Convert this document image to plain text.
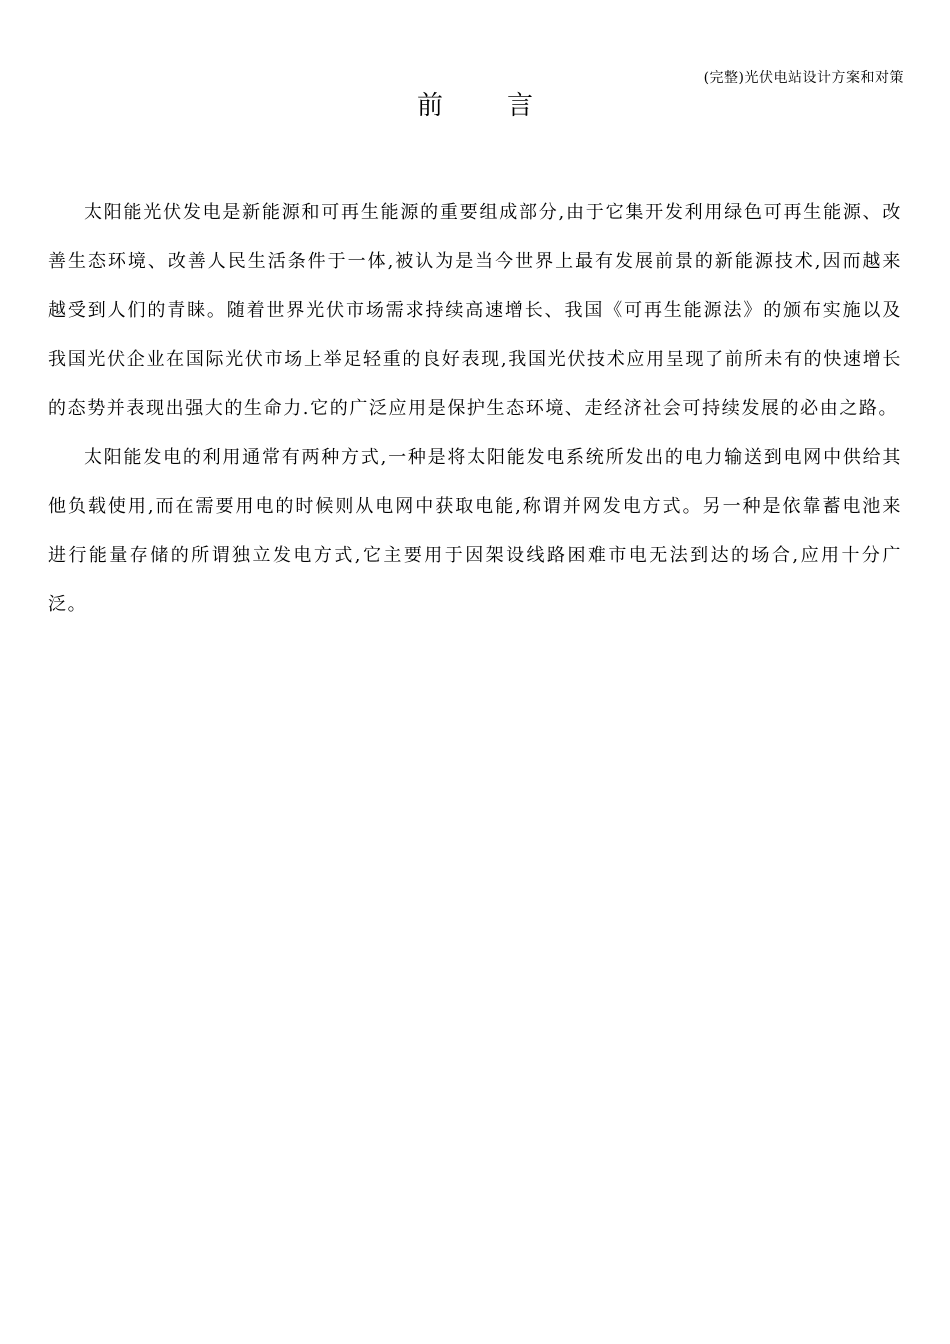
(完整)光伏电站设计方案和对策
前 言

太阳能光伏发电是新能源和可再生能源的重要组成部分,由于它集开发利用绿色可再生能源、改善生态环境、改善人民生活条件于一体,被认为是当今世界上最有发展前景的新能源技术,因而越来越受到人们的青睐。随着世界光伏市场需求持续高速增长、我国《可再生能源法》的颁布实施以及我国光伏企业在国际光伏市场上举足轻重的良好表现,我国光伏技术应用呈现了前所未有的快速增长的态势并表现出强大的生命力.它的广泛应用是保护生态环境、走经济社会可持续发展的必由之路。

太阳能发电的利用通常有两种方式,一种是将太阳能发电系统所发出的电力输送到电网中供给其他负载使用,而在需要用电的时候则从电网中获取电能,称谓并网发电方式。另一种是依靠蓄电池来进行能量存储的所谓独立发电方式,它主要用于因架设线路困难市电无法到达的场合,应用十分广泛。
